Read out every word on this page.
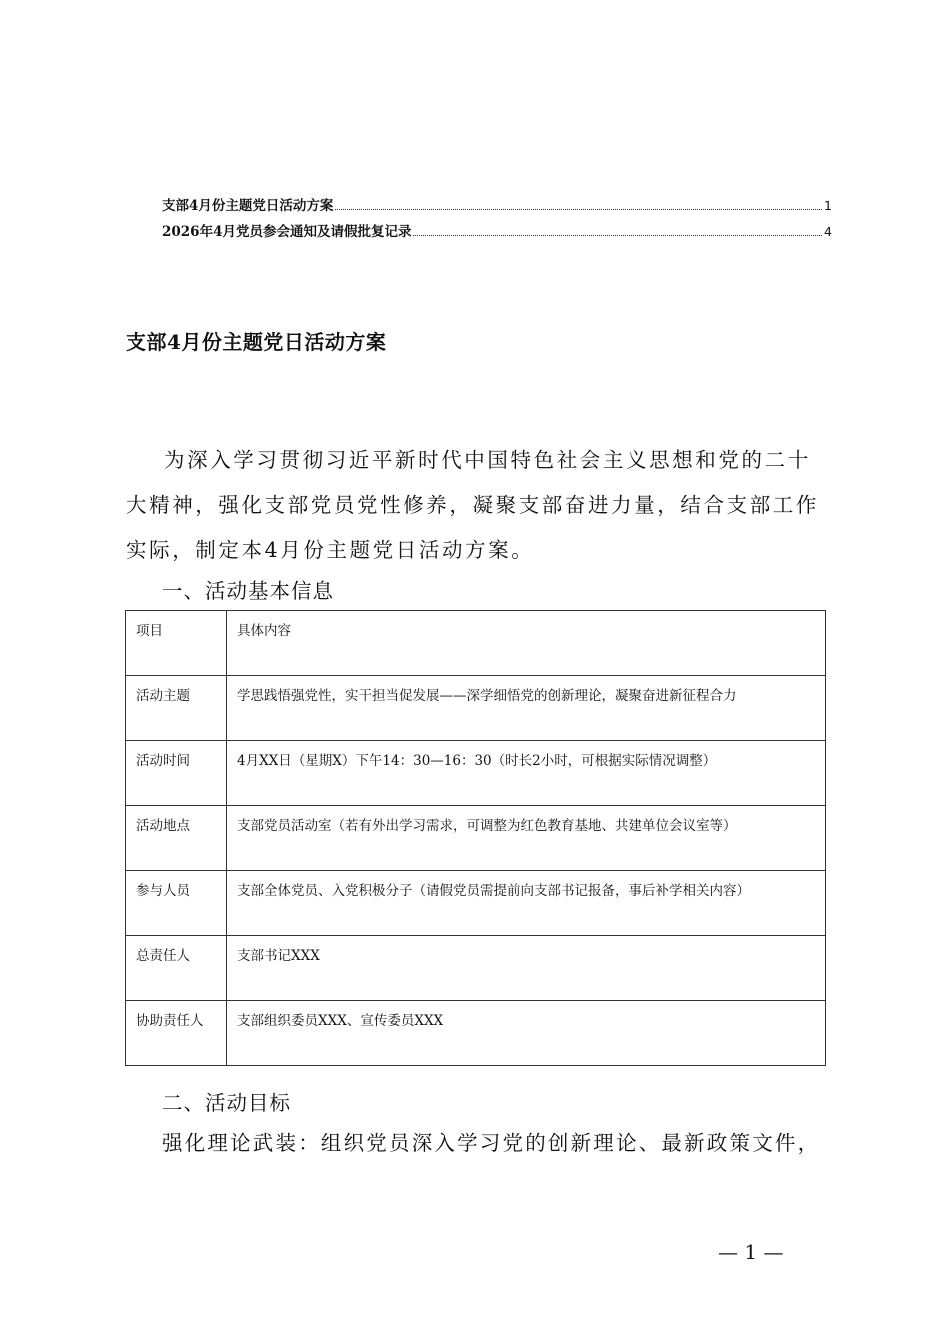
支部4月份主题党日活动方案	1
2026年4月党员参会通知及请假批复记录	4
支部4月份主题党日活动方案

为深入学习贯彻习近平新时代中国特色社会主义思想和党的二十大精神，强化支部党员党性修养，凝聚支部奋进力量，结合支部工作实际，制定本4月份主题党日活动方案。

一、活动基本信息
项目	具体内容
活动主题	学思践悟强党性，实干担当促发展——深学细悟党的创新理论，凝聚奋进新征程合力
活动时间	4月XX日（星期X）下午14：30—16：30（时长2小时，可根据实际情况调整）
活动地点	支部党员活动室（若有外出学习需求，可调整为红色教育基地、共建单位会议室等）
参与人员	支部全体党员、入党积极分子（请假党员需提前向支部书记报备，事后补学相关内容）
总责任人	支部书记XXX
协助责任人	支部组织委员XXX、宣传委员XXX
二、活动目标

强化理论武装：组织党员深入学习党的创新理论、最新政策文件，

— 1 —
